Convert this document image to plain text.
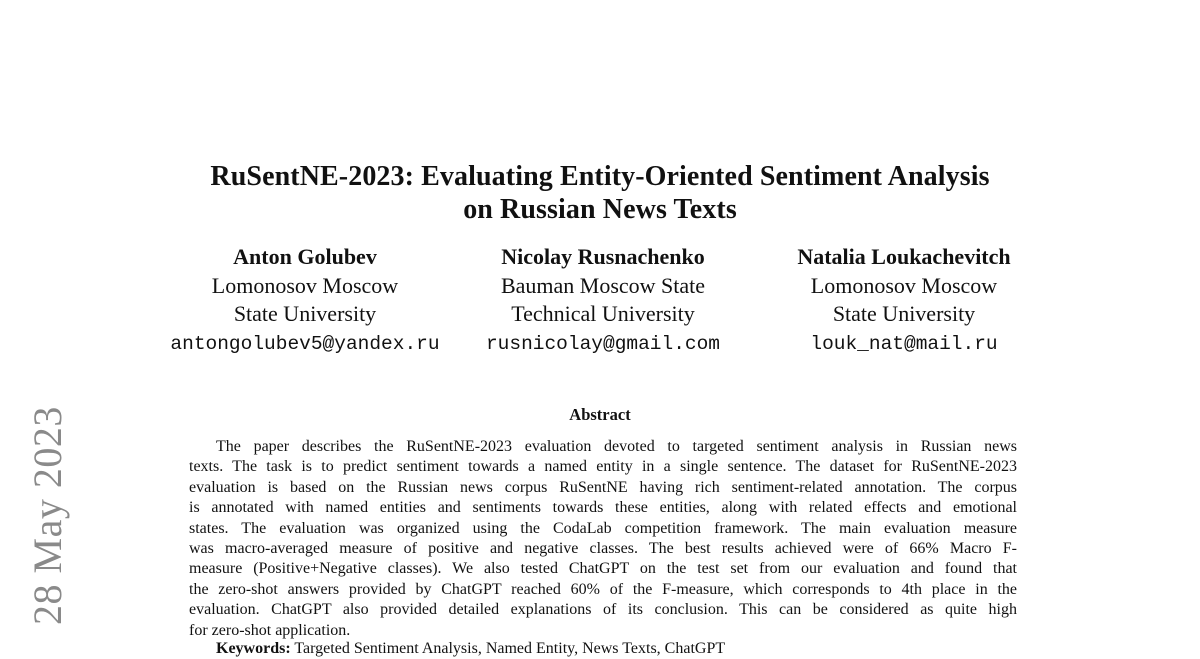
28 May 2023
RuSentNE-2023: Evaluating Entity-Oriented Sentiment Analysis
on Russian News Texts
Anton Golubev
Lomonosov Moscow
State University
antongolubev5@yandex.ru
Nicolay Rusnachenko
Bauman Moscow State
Technical University
rusnicolay@gmail.com
Natalia Loukachevitch
Lomonosov Moscow
State University
louk_nat@mail.ru
Abstract
The paper describes the RuSentNE-2023 evaluation devoted to targeted sentiment analysis in Russian news
texts. The task is to predict sentiment towards a named entity in a single sentence. The dataset for RuSentNE-2023
evaluation is based on the Russian news corpus RuSentNE having rich sentiment-related annotation. The corpus
is annotated with named entities and sentiments towards these entities, along with related effects and emotional
states. The evaluation was organized using the CodaLab competition framework. The main evaluation measure
was macro-averaged measure of positive and negative classes. The best results achieved were of 66% Macro F-
measure (Positive+Negative classes). We also tested ChatGPT on the test set from our evaluation and found that
the zero-shot answers provided by ChatGPT reached 60% of the F-measure, which corresponds to 4th place in the
evaluation. ChatGPT also provided detailed explanations of its conclusion. This can be considered as quite high
for zero-shot application.
Keywords: Targeted Sentiment Analysis, Named Entity, News Texts, ChatGPT
